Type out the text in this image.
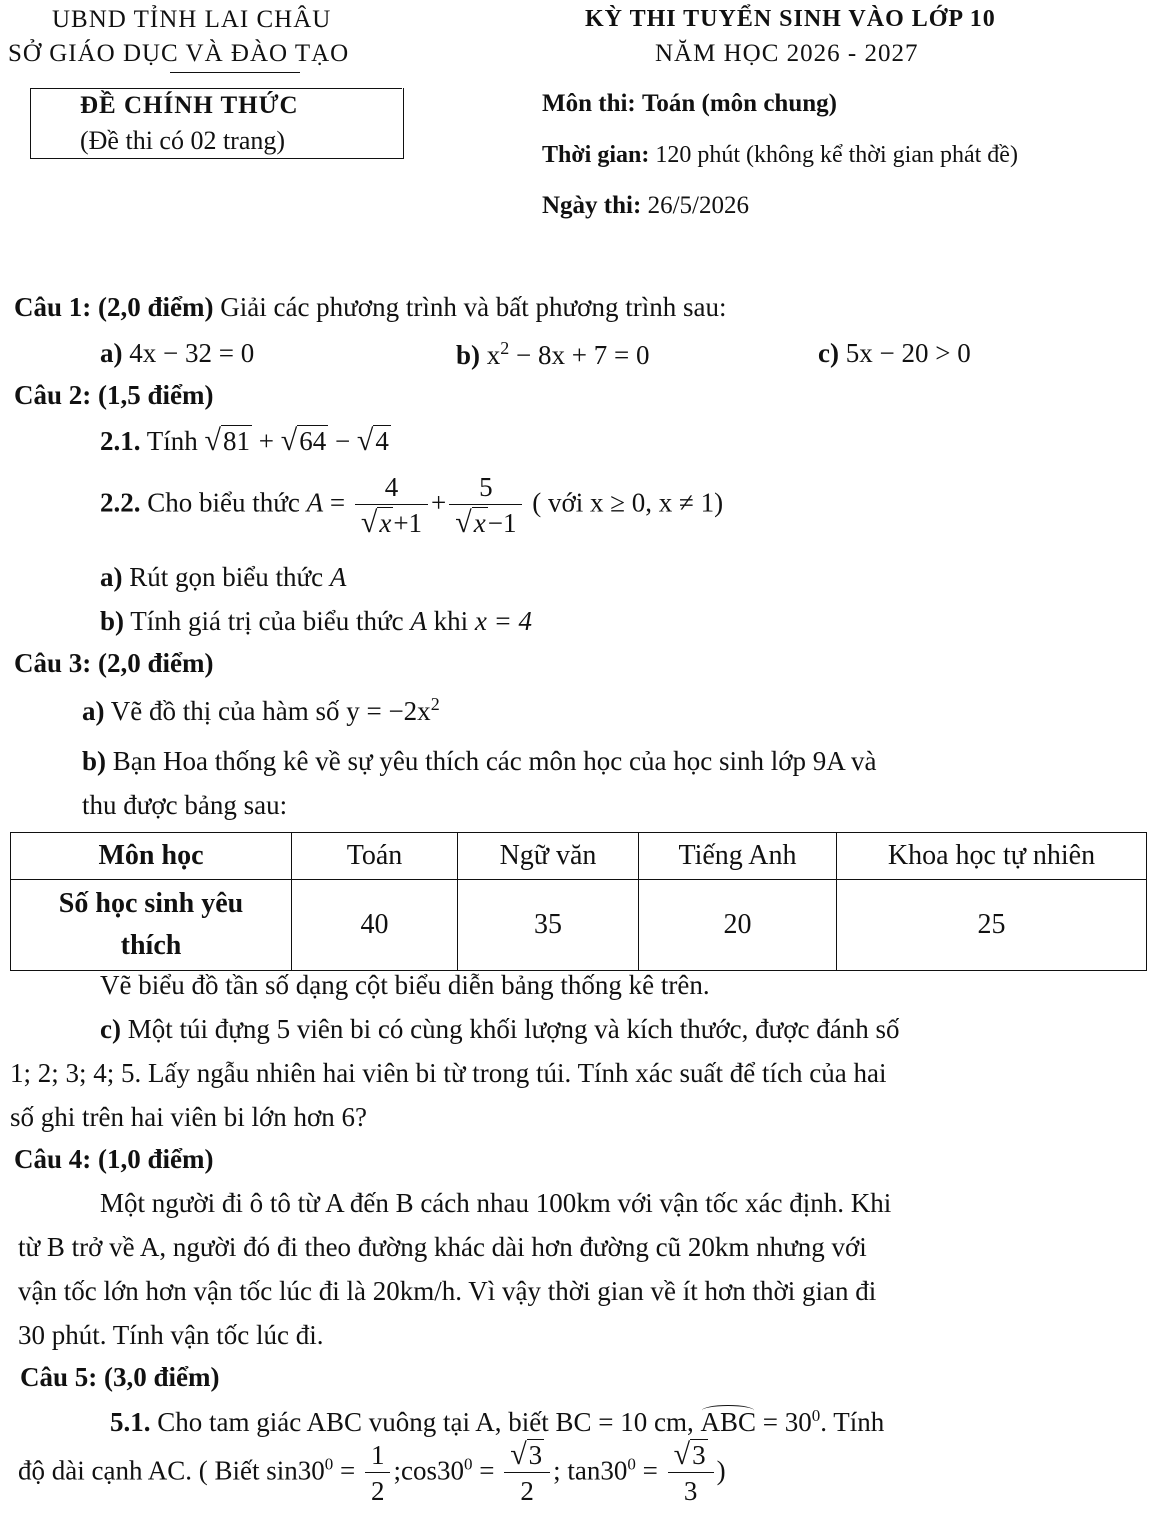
UBND TỈNH LAI CHÂU
SỞ GIÁO DỤC VÀ ĐÀO TẠO
KỲ THI TUYỂN SINH VÀO LỚP 10
NĂM HỌC 2026 - 2027
ĐỀ CHÍNH THỨC
(Đề thi có 02 trang)
Môn thi: Toán (môn chung)
Thời gian: 120 phút (không kể thời gian phát đề)
Ngày thi: 26/5/2026
Câu 1: (2,0 điểm) Giải các phương trình và bất phương trình sau:
a) 4x − 32 = 0	b) $x^2 - 8x + 7 = 0$	c) 5x − 20 > 0
Câu 2: (1,5 điểm)
2.1. Tính √81 + √64 − √4
2.2. Cho biểu thức $A = \frac{4}{√x+1} + \frac{5}{√x-1}$ ( với x ≥ 0, x ≠ 1)
a) Rút gọn biểu thức A
b) Tính giá trị của biểu thức A khi x = 4
Câu 3: (2,0 điểm)
a) Vẽ đồ thị của hàm số $y = -2x^2$
b) Bạn Hoa thống kê về sự yêu thích các môn học của học sinh lớp 9A và
thu được bảng sau:
Môn học	Toán	Ngữ văn	Tiếng Anh	Khoa học tự nhiên
Số học sinh yêu
thích	40	35	20	25
Vẽ biểu đồ tần số dạng cột biểu diễn bảng thống kê trên.
c) Một túi đựng 5 viên bi có cùng khối lượng và kích thước, được đánh số
1; 2; 3; 4; 5. Lấy ngẫu nhiên hai viên bi từ trong túi. Tính xác suất để tích của hai
số ghi trên hai viên bi lớn hơn 6?
Câu 4: (1,0 điểm)
Một người đi ô tô từ A đến B cách nhau 100km với vận tốc xác định. Khi
từ B trở về A, người đó đi theo đường khác dài hơn đường cũ 20km nhưng với
vận tốc lớn hơn vận tốc lúc đi là 20km/h. Vì vậy thời gian về ít hơn thời gian đi
30 phút. Tính vận tốc lúc đi.
Câu 5: (3,0 điểm)
5.1. Cho tam giác ABC vuông tại A, biết BC = 10 cm, ABC = $30^0$. Tính
độ dài cạnh AC. ( Biết $\sin 30^0 = \frac{1}{2}$ $;\cos 30^0 = \frac{√3}{2}$ ; $\tan 30^0 = \frac{√3}{3}$ )
